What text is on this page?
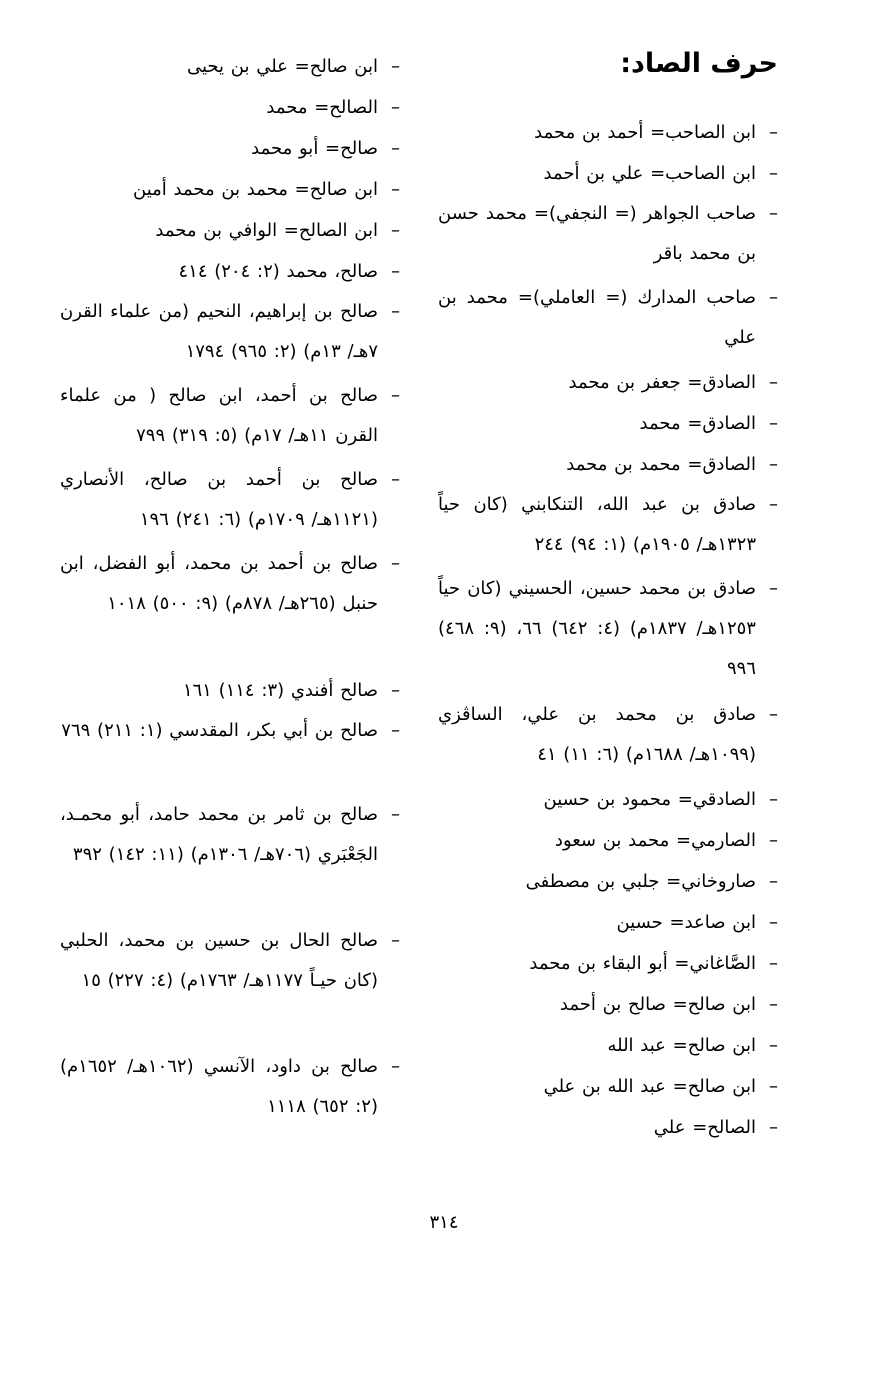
حرف الصاد:
–
ابن الصاحب= أحمد بن محمد
–
ابن الصاحب= علي بن أحمد
–
صاحب الجواهر (= النجفي)= محمد حسن بن محمد باقر
–
صاحب المدارك (= العاملي)= محمد بن علي
–
الصادق= جعفر بن محمد
–
الصادق= محمد
–
الصادق= محمد بن محمد
–
صادق بن عبد الله، التنكابني (كان حياً ١٣٢٣هـ/ ١٩٠٥م) (١: ٩٤) ٢٤٤
–
صادق بن محمد حسين، الحسيني (كان حياً ١٢٥٣هـ/ ١٨٣٧م) (٤: ٦٤٢) ٦٦، (٩: ٤٦٨) ٩٩٦
–
صادق بن محمد بن علي، الساڤزي (١٠٩٩هـ/ ١٦٨٨م) (٦: ١١) ٤١
–
الصادقي= محمود بن حسين
–
الصارمي= محمد بن سعود
–
صاروخاني= جلبي بن مصطفى
–
ابن صاعد= حسين
–
الصَّاغاني= أبو البقاء بن محمد
–
ابن صالح= صالح بن أحمد
–
ابن صالح= عبد الله
–
ابن صالح= عبد الله بن علي
–
الصالح= علي
–
ابن صالح= علي بن يحيى
–
الصالح= محمد
–
صالح= أبو محمد
–
ابن صالح= محمد بن محمد أمين
–
ابن الصالح= الوافي بن محمد
–
صالح، محمد (٢: ٢٠٤) ٤١٤
–
صالح بن إبراهيم، النحيم (من علماء القرن ٧هـ/ ١٣م) (٢: ٩٦٥) ١٧٩٤
–
صالح بن أحمد، ابن صالح ( من علماء القرن ١١هـ/ ١٧م) (٥: ٣١٩) ٧٩٩
–
صالح بن أحمد بن صالح، الأنصاري (١١٢١هـ/ ١٧٠٩م) (٦: ٢٤١) ١٩٦
–
صالح بن أحمد بن محمد، أبو الفضل، ابن حنبل (٢٦٥هـ/ ٨٧٨م) (٩: ٥٠٠) ١٠١٨
–
صالح أفندي (٣: ١١٤) ١٦١
–
صالح بن أبي بكر، المقدسي (١: ٢١١) ٧٦٩
–
صالح بن ثامر بن محمد حامد، أبو محمـد، الجَعْبَري (٧٠٦هـ/ ١٣٠٦م) (١١: ١٤٢) ٣٩٢
–
صالح الحال بن حسين بن محمد، الحلبي (كان حيـاً ١١٧٧هـ/ ١٧٦٣م) (٤: ٢٢٧) ١٥
–
صالح بن داود، الآنسي (١٠٦٢هـ/ ١٦٥٢م) (٢: ٦٥٢) ١١١٨
٣١٤
